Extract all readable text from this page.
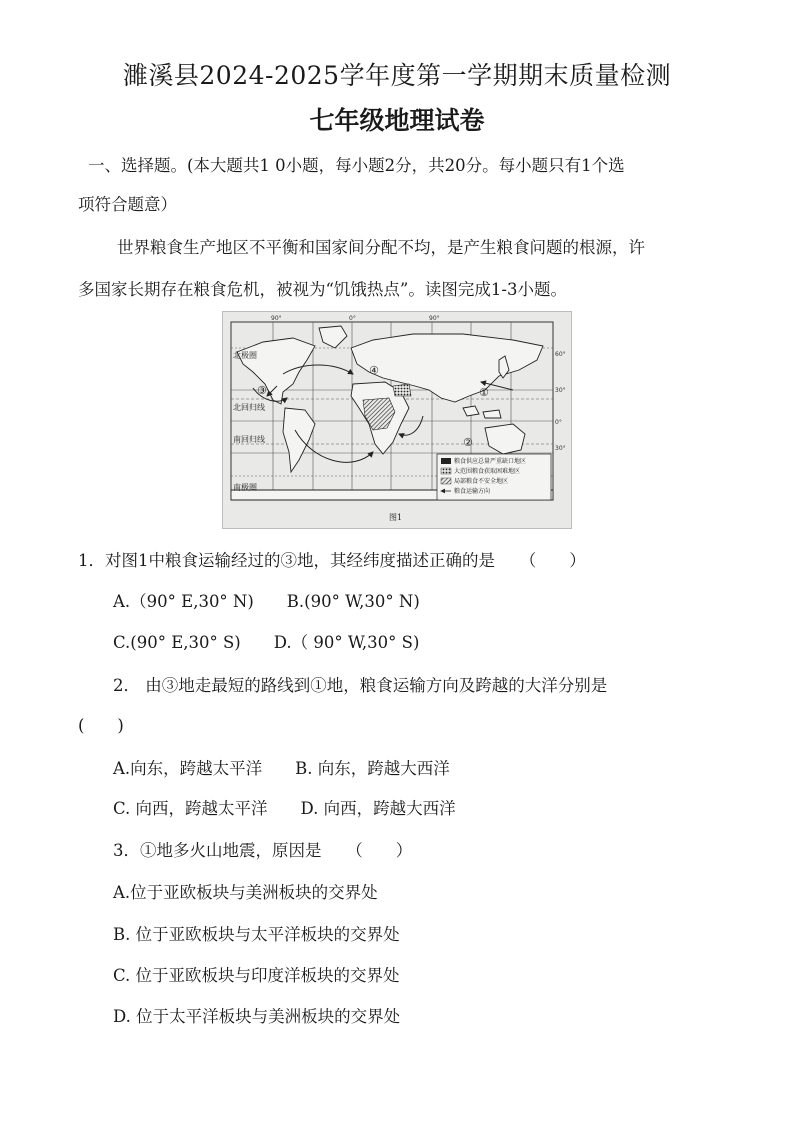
濉溪县2024-2025学年度第一学期期末质量检测
七年级地理试卷
一、选择题。(本大题共1 0小题，每小题2分，共20分。每小题只有1个选
项符合题意）
世界粮食生产地区不平衡和国家间分配不均，是产生粮食问题的根源，许
多国家长期存在粮食危机，被视为“饥饿热点”。读图完成1-3小题。
90°	0°	90°
60°
30°
0°
30°
北极圈
北回归线
南回归线
南极圈
①
②
③
④
粮食供应总量严重缺口地区
大范围粮食获取困难地区
局部粮食不安全地区
粮食运输方向
图1
1．对图1中粮食运输经过的③地，其经纬度描述正确的是　　（　　）
A.（90° E,30° N)　　B.(90° W,30° N)
C.(90° E,30° S)　　D.（ 90° W,30° S)
2． 由③地走最短的路线到①地，粮食运输方向及跨越的大洋分别是
(　　)
A.向东，跨越太平洋　　B. 向东，跨越大西洋
C. 向西，跨越太平洋　　D. 向西，跨越大西洋
3．①地多火山地震，原因是　　（　　）
A.位于亚欧板块与美洲板块的交界处
B. 位于亚欧板块与太平洋板块的交界处
C. 位于亚欧板块与印度洋板块的交界处
D. 位于太平洋板块与美洲板块的交界处
